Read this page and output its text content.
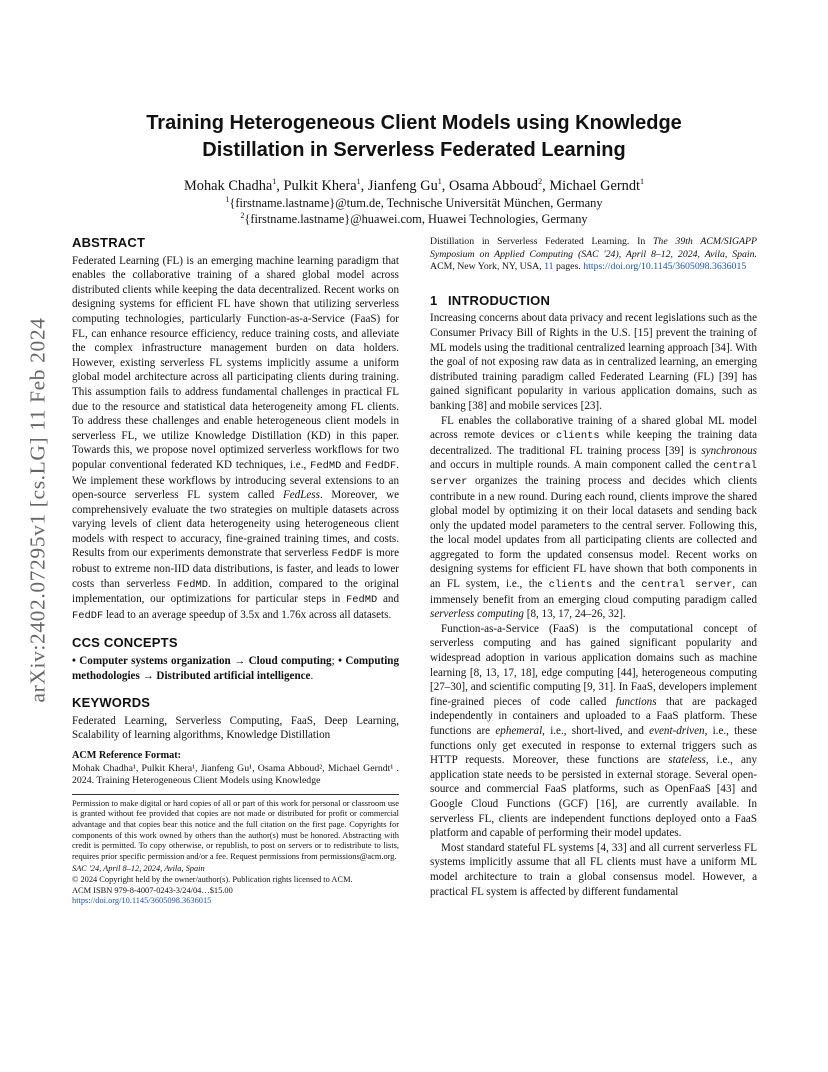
arXiv:2402.07295v1 [cs.LG] 11 Feb 2024
Training Heterogeneous Client Models using Knowledge
Distillation in Serverless Federated Learning
Mohak Chadha$^1$, Pulkit Khera$^1$, Jianfeng Gu$^1$, Osama Abboud$^2$, Michael Gerndt$^1$
$^1${firstname.lastname}@tum.de, Technische Universität München, Germany
$^2${firstname.lastname}@huawei.com, Huawei Technologies, Germany
ABSTRACT

Federated Learning (FL) is an emerging machine learning paradigm that enables the collaborative training of a shared global model across distributed clients while keeping the data decentralized. Recent works on designing systems for efficient FL have shown that utilizing serverless computing technologies, particularly Function-as-a-Service (FaaS) for FL, can enhance resource efficiency, reduce training costs, and alleviate the complex infrastructure management burden on data holders. However, existing serverless FL systems implicitly assume a uniform global model architecture across all participating clients during training. This assumption fails to address fundamental challenges in practical FL due to the resource and statistical data heterogeneity among FL clients. To address these challenges and enable heterogeneous client models in serverless FL, we utilize Knowledge Distillation (KD) in this paper. Towards this, we propose novel optimized serverless workflows for two popular conventional federated KD techniques, i.e., FedMD and FedDF. We implement these workflows by introducing several extensions to an open-source serverless FL system called FedLess. Moreover, we comprehensively evaluate the two strategies on multiple datasets across varying levels of client data heterogeneity using heterogeneous client models with respect to accuracy, fine-grained training times, and costs. Results from our experiments demonstrate that serverless FedDF is more robust to extreme non-IID data distributions, is faster, and leads to lower costs than serverless FedMD. In addition, compared to the original implementation, our optimizations for particular steps in FedMD and FedDF lead to an average speedup of 3.5x and 1.76x across all datasets.

CCS CONCEPTS

• Computer systems organization → Cloud computing; • Computing methodologies → Distributed artificial intelligence.

KEYWORDS

Federated Learning, Serverless Computing, FaaS, Deep Learning, Scalability of learning algorithms, Knowledge Distillation

ACM Reference Format:

Mohak Chadha¹, Pulkit Khera¹, Jianfeng Gu¹, Osama Abboud², Michael Gerndt¹ . 2024. Training Heterogeneous Client Models using Knowledge

Permission to make digital or hard copies of all or part of this work for personal or classroom use is granted without fee provided that copies are not made or distributed for profit or commercial advantage and that copies bear this notice and the full citation on the first page. Copyrights for components of this work owned by others than the author(s) must be honored. Abstracting with credit is permitted. To copy otherwise, or republish, to post on servers or to redistribute to lists, requires prior specific permission and/or a fee. Request permissions from permissions@acm.org.

SAC '24, April 8–12, 2024, Avila, Spain
© 2024 Copyright held by the owner/author(s). Publication rights licensed to ACM.
ACM ISBN 979-8-4007-0243-3/24/04…$15.00
https://doi.org/10.1145/3605098.3636015

Distillation in Serverless Federated Learning. In The 39th ACM/SIGAPP Symposium on Applied Computing (SAC '24), April 8–12, 2024, Avila, Spain. ACM, New York, NY, USA, 11 pages. https://doi.org/10.1145/3605098.3636015

1 INTRODUCTION

Increasing concerns about data privacy and recent legislations such as the Consumer Privacy Bill of Rights in the U.S. [15] prevent the training of ML models using the traditional centralized learning approach [34]. With the goal of not exposing raw data as in centralized learning, an emerging distributed training paradigm called Federated Learning (FL) [39] has gained significant popularity in various application domains, such as banking [38] and mobile services [23].

FL enables the collaborative training of a shared global ML model across remote devices or clients while keeping the training data decentralized. The traditional FL training process [39] is synchronous and occurs in multiple rounds. A main component called the central server organizes the training process and decides which clients contribute in a new round. During each round, clients improve the shared global model by optimizing it on their local datasets and sending back only the updated model parameters to the central server. Following this, the local model updates from all participating clients are collected and aggregated to form the updated consensus model. Recent works on designing systems for efficient FL have shown that both components in an FL system, i.e., the clients and the central server, can immensely benefit from an emerging cloud computing paradigm called serverless computing [8, 13, 17, 24–26, 32].

Function-as-a-Service (FaaS) is the computational concept of serverless computing and has gained significant popularity and widespread adoption in various application domains such as machine learning [8, 13, 17, 18], edge computing [44], heterogeneous computing [27–30], and scientific computing [9, 31]. In FaaS, developers implement fine-grained pieces of code called functions that are packaged independently in containers and uploaded to a FaaS platform. These functions are ephemeral, i.e., short-lived, and event-driven, i.e., these functions only get executed in response to external triggers such as HTTP requests. Moreover, these functions are stateless, i.e., any application state needs to be persisted in external storage. Several open-source and commercial FaaS platforms, such as OpenFaaS [43] and Google Cloud Functions (GCF) [16], are currently available. In serverless FL, clients are independent functions deployed onto a FaaS platform and capable of performing their model updates.

Most standard stateful FL systems [4, 33] and all current serverless FL systems implicitly assume that all FL clients must have a uniform ML model architecture to train a global consensus model. However, a practical FL system is affected by different fundamental
